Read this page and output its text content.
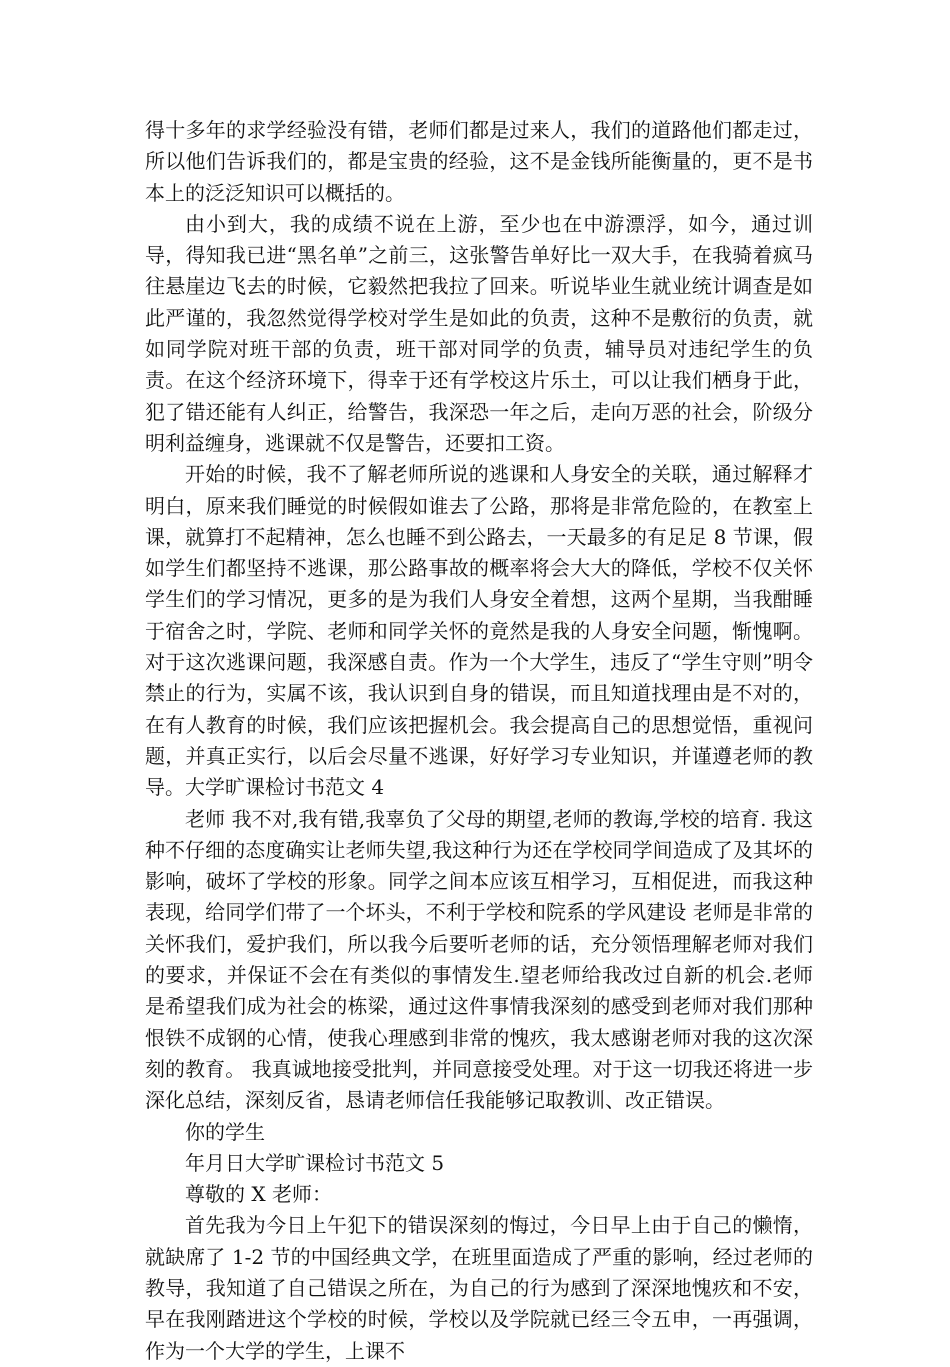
得十多年的求学经验没有错，老师们都是过来人，我们的道路他们都走过，所以他们告诉我们的，都是宝贵的经验，这不是金钱所能衡量的，更不是书本上的泛泛知识可以概括的。

由小到大，我的成绩不说在上游，至少也在中游漂浮，如今，通过训导，得知我已进“黑名单”之前三，这张警告单好比一双大手，在我骑着疯马往悬崖边飞去的时候，它毅然把我拉了回来。听说毕业生就业统计调查是如此严谨的，我忽然觉得学校对学生是如此的负责，这种不是敷衍的负责，就如同学院对班干部的负责，班干部对同学的负责，辅导员对违纪学生的负责。在这个经济环境下，得幸于还有学校这片乐土，可以让我们栖身于此，犯了错还能有人纠正，给警告，我深恐一年之后，走向万恶的社会，阶级分明利益缠身，逃课就不仅是警告，还要扣工资。

开始的时候，我不了解老师所说的逃课和人身安全的关联，通过解释才明白，原来我们睡觉的时候假如谁去了公路，那将是非常危险的，在教室上课，就算打不起精神，怎么也睡不到公路去，一天最多的有足足 8 节课，假如学生们都坚持不逃课，那公路事故的概率将会大大的降低，学校不仅关怀学生们的学习情况，更多的是为我们人身安全着想，这两个星期，当我酣睡于宿舍之时，学院、老师和同学关怀的竟然是我的人身安全问题，惭愧啊。对于这次逃课问题，我深感自责。作为一个大学生，违反了“学生守则”明令禁止的行为，实属不该，我认识到自身的错误，而且知道找理由是不对的，在有人教育的时候，我们应该把握机会。我会提高自己的思想觉悟，重视问题，并真正实行，以后会尽量不逃课，好好学习专业知识，并谨遵老师的教导。大学旷课检讨书范文 4

老师 我不对,我有错,我辜负了父母的期望,老师的教诲,学校的培育. 我这种不仔细的态度确实让老师失望,我这种行为还在学校同学间造成了及其坏的影响，破坏了学校的形象。同学之间本应该互相学习，互相促进，而我这种表现，给同学们带了一个坏头，不利于学校和院系的学风建设 老师是非常的关怀我们，爱护我们，所以我今后要听老师的话，充分领悟理解老师对我们的要求，并保证不会在有类似的事情发生.望老师给我改过自新的机会.老师是希望我们成为社会的栋梁，通过这件事情我深刻的感受到老师对我们那种恨铁不成钢的心情，使我心理感到非常的愧疚，我太感谢老师对我的这次深刻的教育。 我真诚地接受批判，并同意接受处理。对于这一切我还将进一步深化总结，深刻反省，恳请老师信任我能够记取教训、改正错误。

你的学生

年月日大学旷课检讨书范文 5

尊敬的 X 老师：

首先我为今日上午犯下的错误深刻的悔过，今日早上由于自己的懒惰，就缺席了 1-2 节的中国经典文学，在班里面造成了严重的影响，经过老师的教导，我知道了自己错误之所在，为自己的行为感到了深深地愧疚和不安，早在我刚踏进这个学校的时候，学校以及学院就已经三令五申，一再强调，作为一个大学的学生，上课不
